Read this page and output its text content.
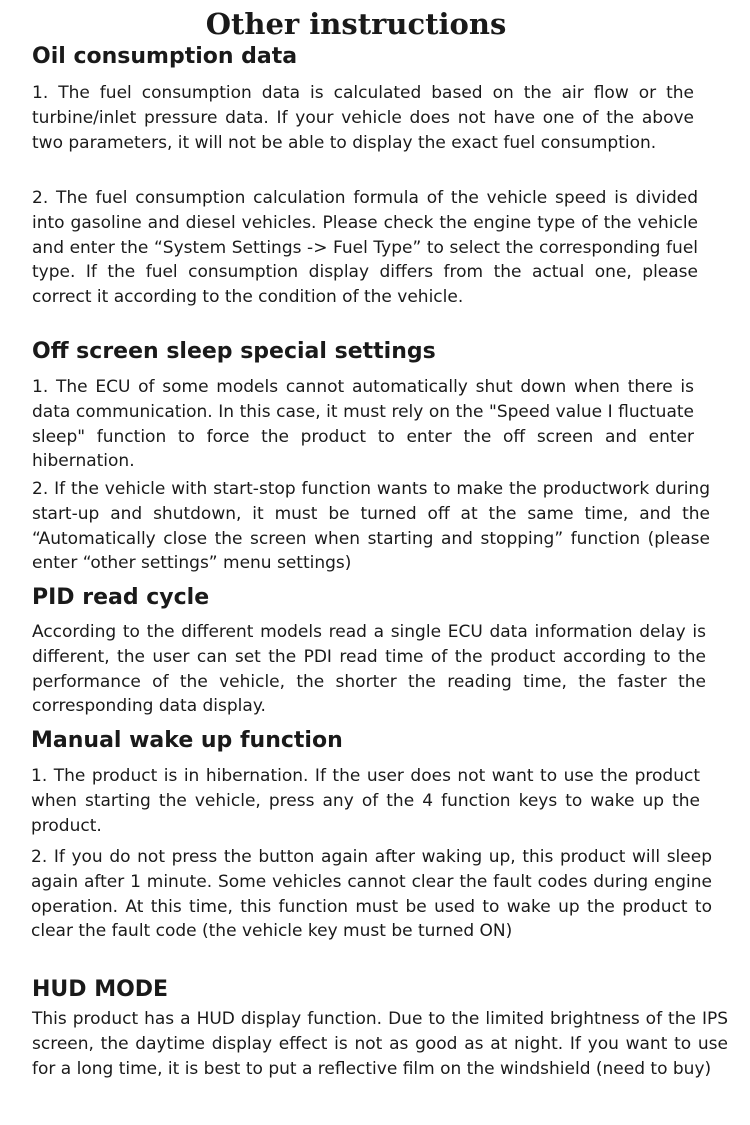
Other instructions
Oil consumption data

1. The fuel consumption data is calculated based on the air flow or the turbine/inlet pressure data. If your vehicle does not have one of the above two parameters, it will not be able to display the exact fuel consumption.

2. The fuel consumption calculation formula of the vehicle speed is divided into gasoline and diesel vehicles. Please check the engine type of the vehicle and enter the “System Settings -> Fuel Type” to select the corresponding fuel type. If the fuel consumption display differs from the actual one, please correct it according to the condition of the vehicle.

Off screen sleep special settings

1. The ECU of some models cannot automatically shut down when there is data communication. In this case, it must rely on the "Speed value I fluctuate sleep" function to force the product to enter the off screen and enter hibernation.

2. If the vehicle with start-stop function wants to make the productwork during start-up and shutdown, it must be turned off at the same time, and the “Automatically close the screen when starting and stopping” function (please enter “other settings” menu settings)

PID read cycle

According to the different models read a single ECU data information delay is different, the user can set the PDI read time of the product according to the performance of the vehicle, the shorter the reading time, the faster the corresponding data display.

Manual wake up function

1. The product is in hibernation. If the user does not want to use the product when starting the vehicle, press any of the 4 function keys to wake up the product.

2. If you do not press the button again after waking up, this product will sleep again after 1 minute. Some vehicles cannot clear the fault codes during engine operation. At this time, this function must be used to wake up the product to clear the fault code (the vehicle key must be turned ON)

HUD MODE

This product has a HUD display function. Due to the limited brightness of the IPS screen, the daytime display effect is not as good as at night. If you want to use for a long time, it is best to put a reflective film on the windshield (need to buy)
